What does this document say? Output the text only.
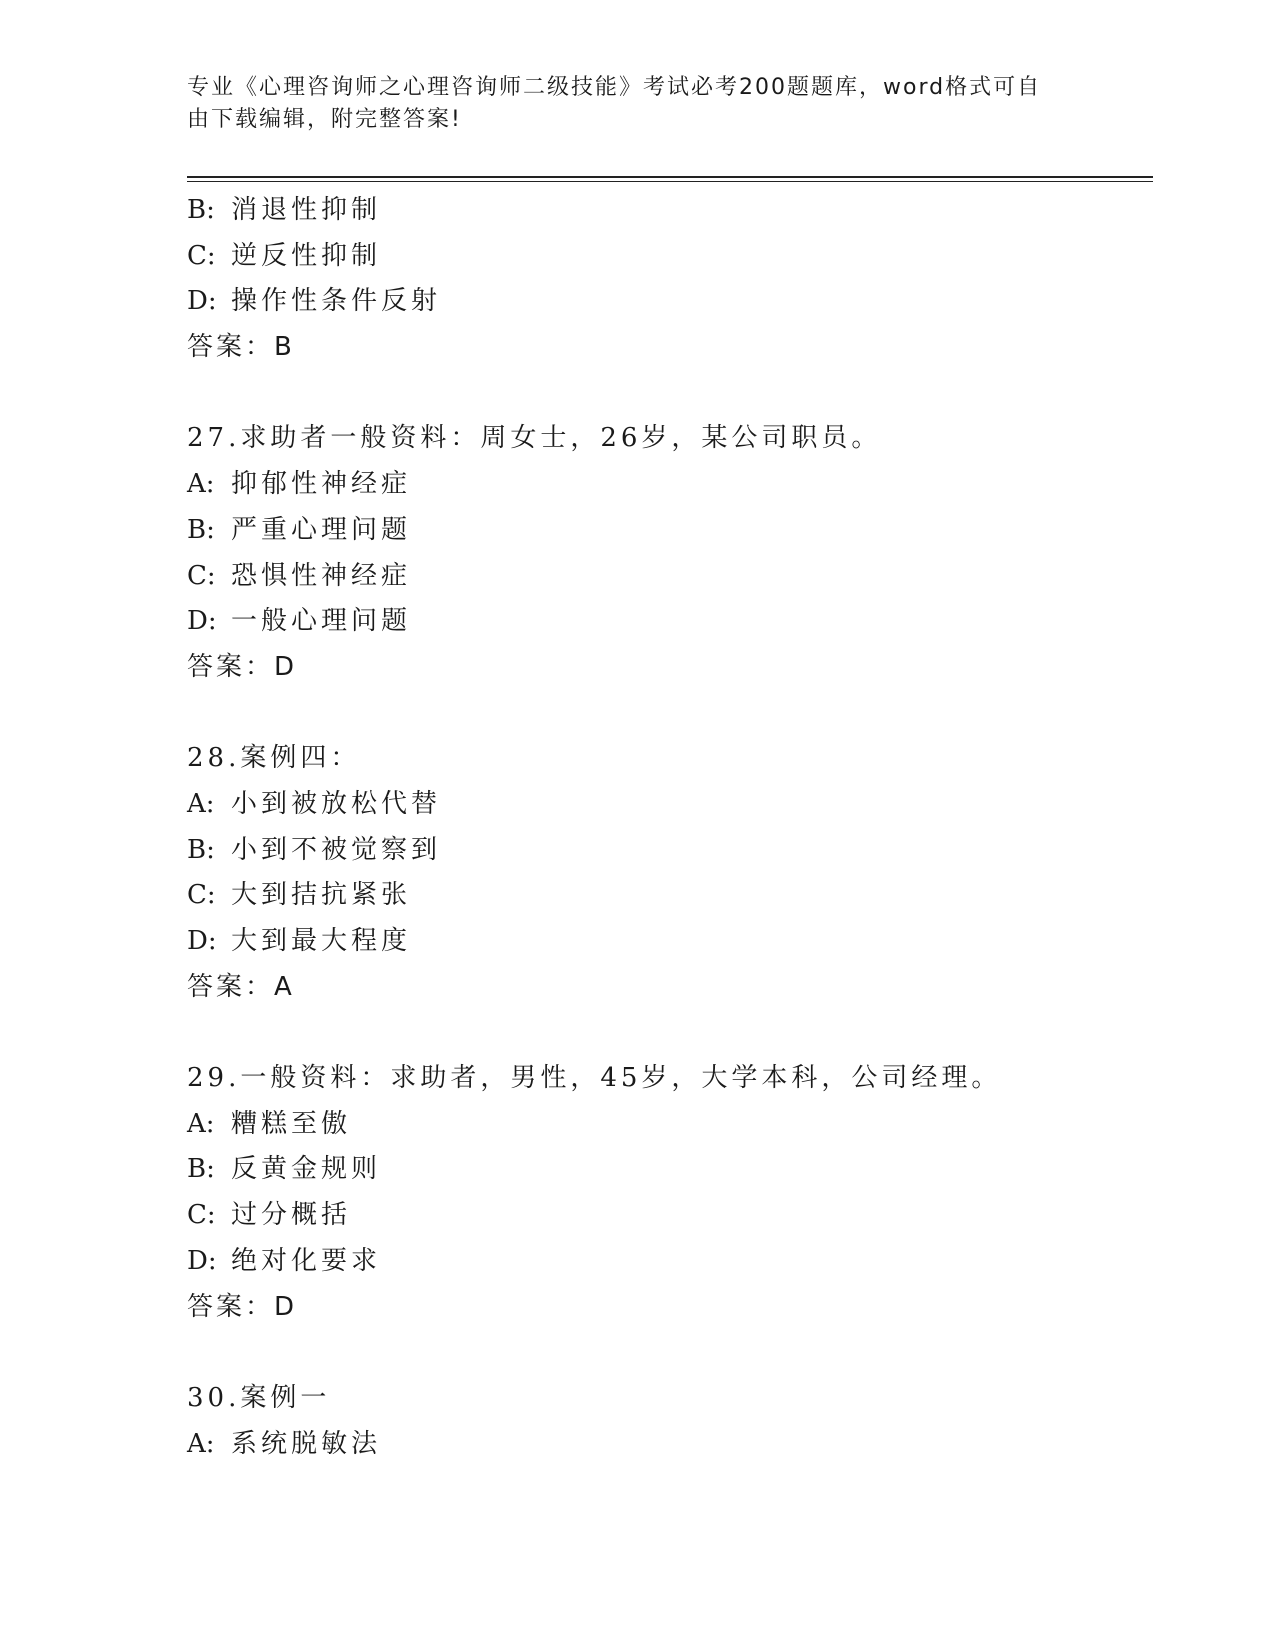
专业《心理咨询师之心理咨询师二级技能》考试必考200题题库，word格式可自
由下载编辑，附完整答案!
B: 消退性抑制
C: 逆反性抑制
D: 操作性条件反射
答案：B
27.求助者一般资料：周女士，26岁，某公司职员。
A: 抑郁性神经症
B: 严重心理问题
C: 恐惧性神经症
D: 一般心理问题
答案：D
28.案例四：
A: 小到被放松代替
B: 小到不被觉察到
C: 大到拮抗紧张
D: 大到最大程度
答案：A
29.一般资料：求助者，男性，45岁，大学本科，公司经理。
A: 糟糕至傲
B: 反黄金规则
C: 过分概括
D: 绝对化要求
答案：D
30.案例一
A: 系统脱敏法
